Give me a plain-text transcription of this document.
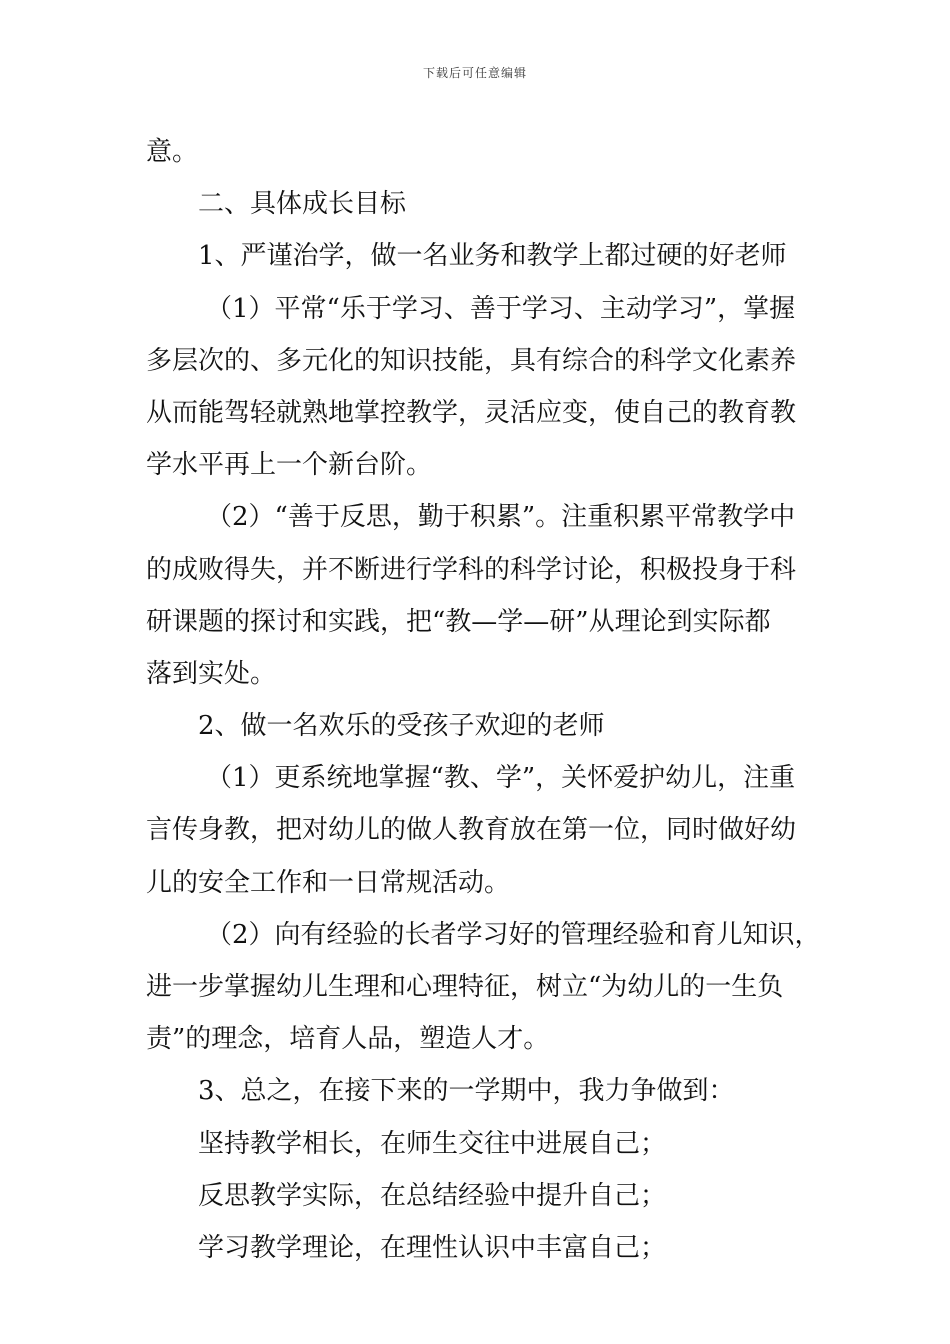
下载后可任意编辑
意。
二、具体成长目标
1、严谨治学，做一名业务和教学上都过硬的好老师
（1）平常“乐于学习、善于学习、主动学习”，掌握
多层次的、多元化的知识技能，具有综合的科学文化素养
从而能驾轻就熟地掌控教学，灵活应变，使自己的教育教
学水平再上一个新台阶。
（2）“善于反思，勤于积累”。注重积累平常教学中
的成败得失，并不断进行学科的科学讨论，积极投身于科
研课题的探讨和实践，把“教—学—研”从理论到实际都
落到实处。
2、做一名欢乐的受孩子欢迎的老师
（1）更系统地掌握“教、学”，关怀爱护幼儿，注重
言传身教，把对幼儿的做人教育放在第一位，同时做好幼
儿的安全工作和一日常规活动。
（2）向有经验的长者学习好的管理经验和育儿知识，
进一步掌握幼儿生理和心理特征，树立“为幼儿的一生负
责”的理念，培育人品，塑造人才。
3、总之，在接下来的一学期中，我力争做到：
坚持教学相长，在师生交往中进展自己；
反思教学实际，在总结经验中提升自己；
学习教学理论，在理性认识中丰富自己；
